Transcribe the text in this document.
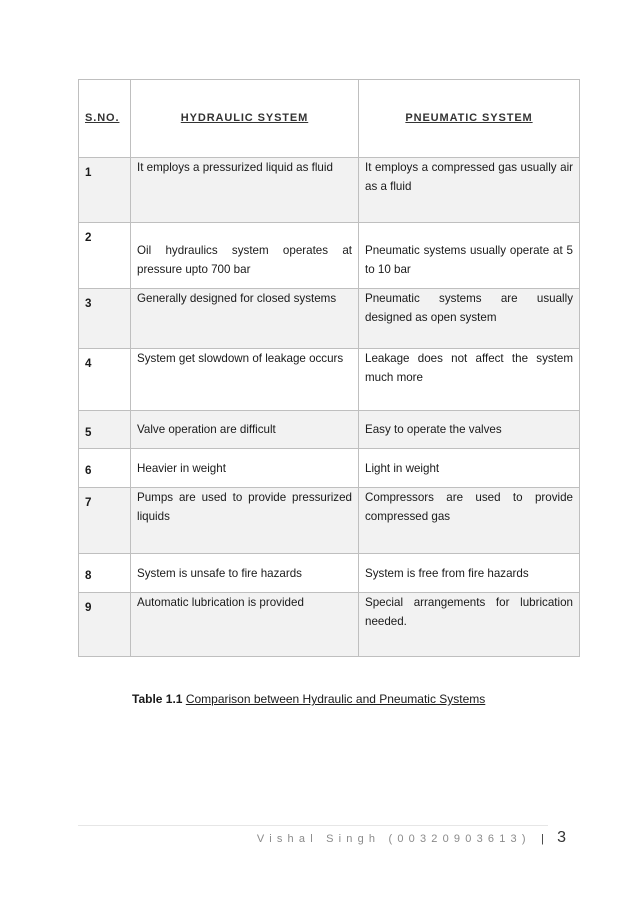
S.NO.	HYDRAULIC SYSTEM	PNEUMATIC SYSTEM
1	It employs a pressurized liquid as fluid	It employs a compressed gas usually air as a fluid
2	Oil hydraulics system operates at pressure upto 700 bar	Pneumatic systems usually operate at 5 to 10 bar
3	Generally designed for closed systems	Pneumatic systems are usually designed as open system
4	System get slowdown of leakage occurs	Leakage does not affect the system much more
5	Valve operation are difficult	Easy to operate the valves
6	Heavier in weight	Light in weight
7	Pumps are used to provide pressurized liquids	Compressors are used to provide compressed gas
8	System is unsafe to fire hazards	System is free from fire hazards
9	Automatic lubrication is provided	Special arrangements for lubrication needed.
Table 1.1 Comparison between Hydraulic and Pneumatic Systems
Vishal Singh (00320903613) | 3
